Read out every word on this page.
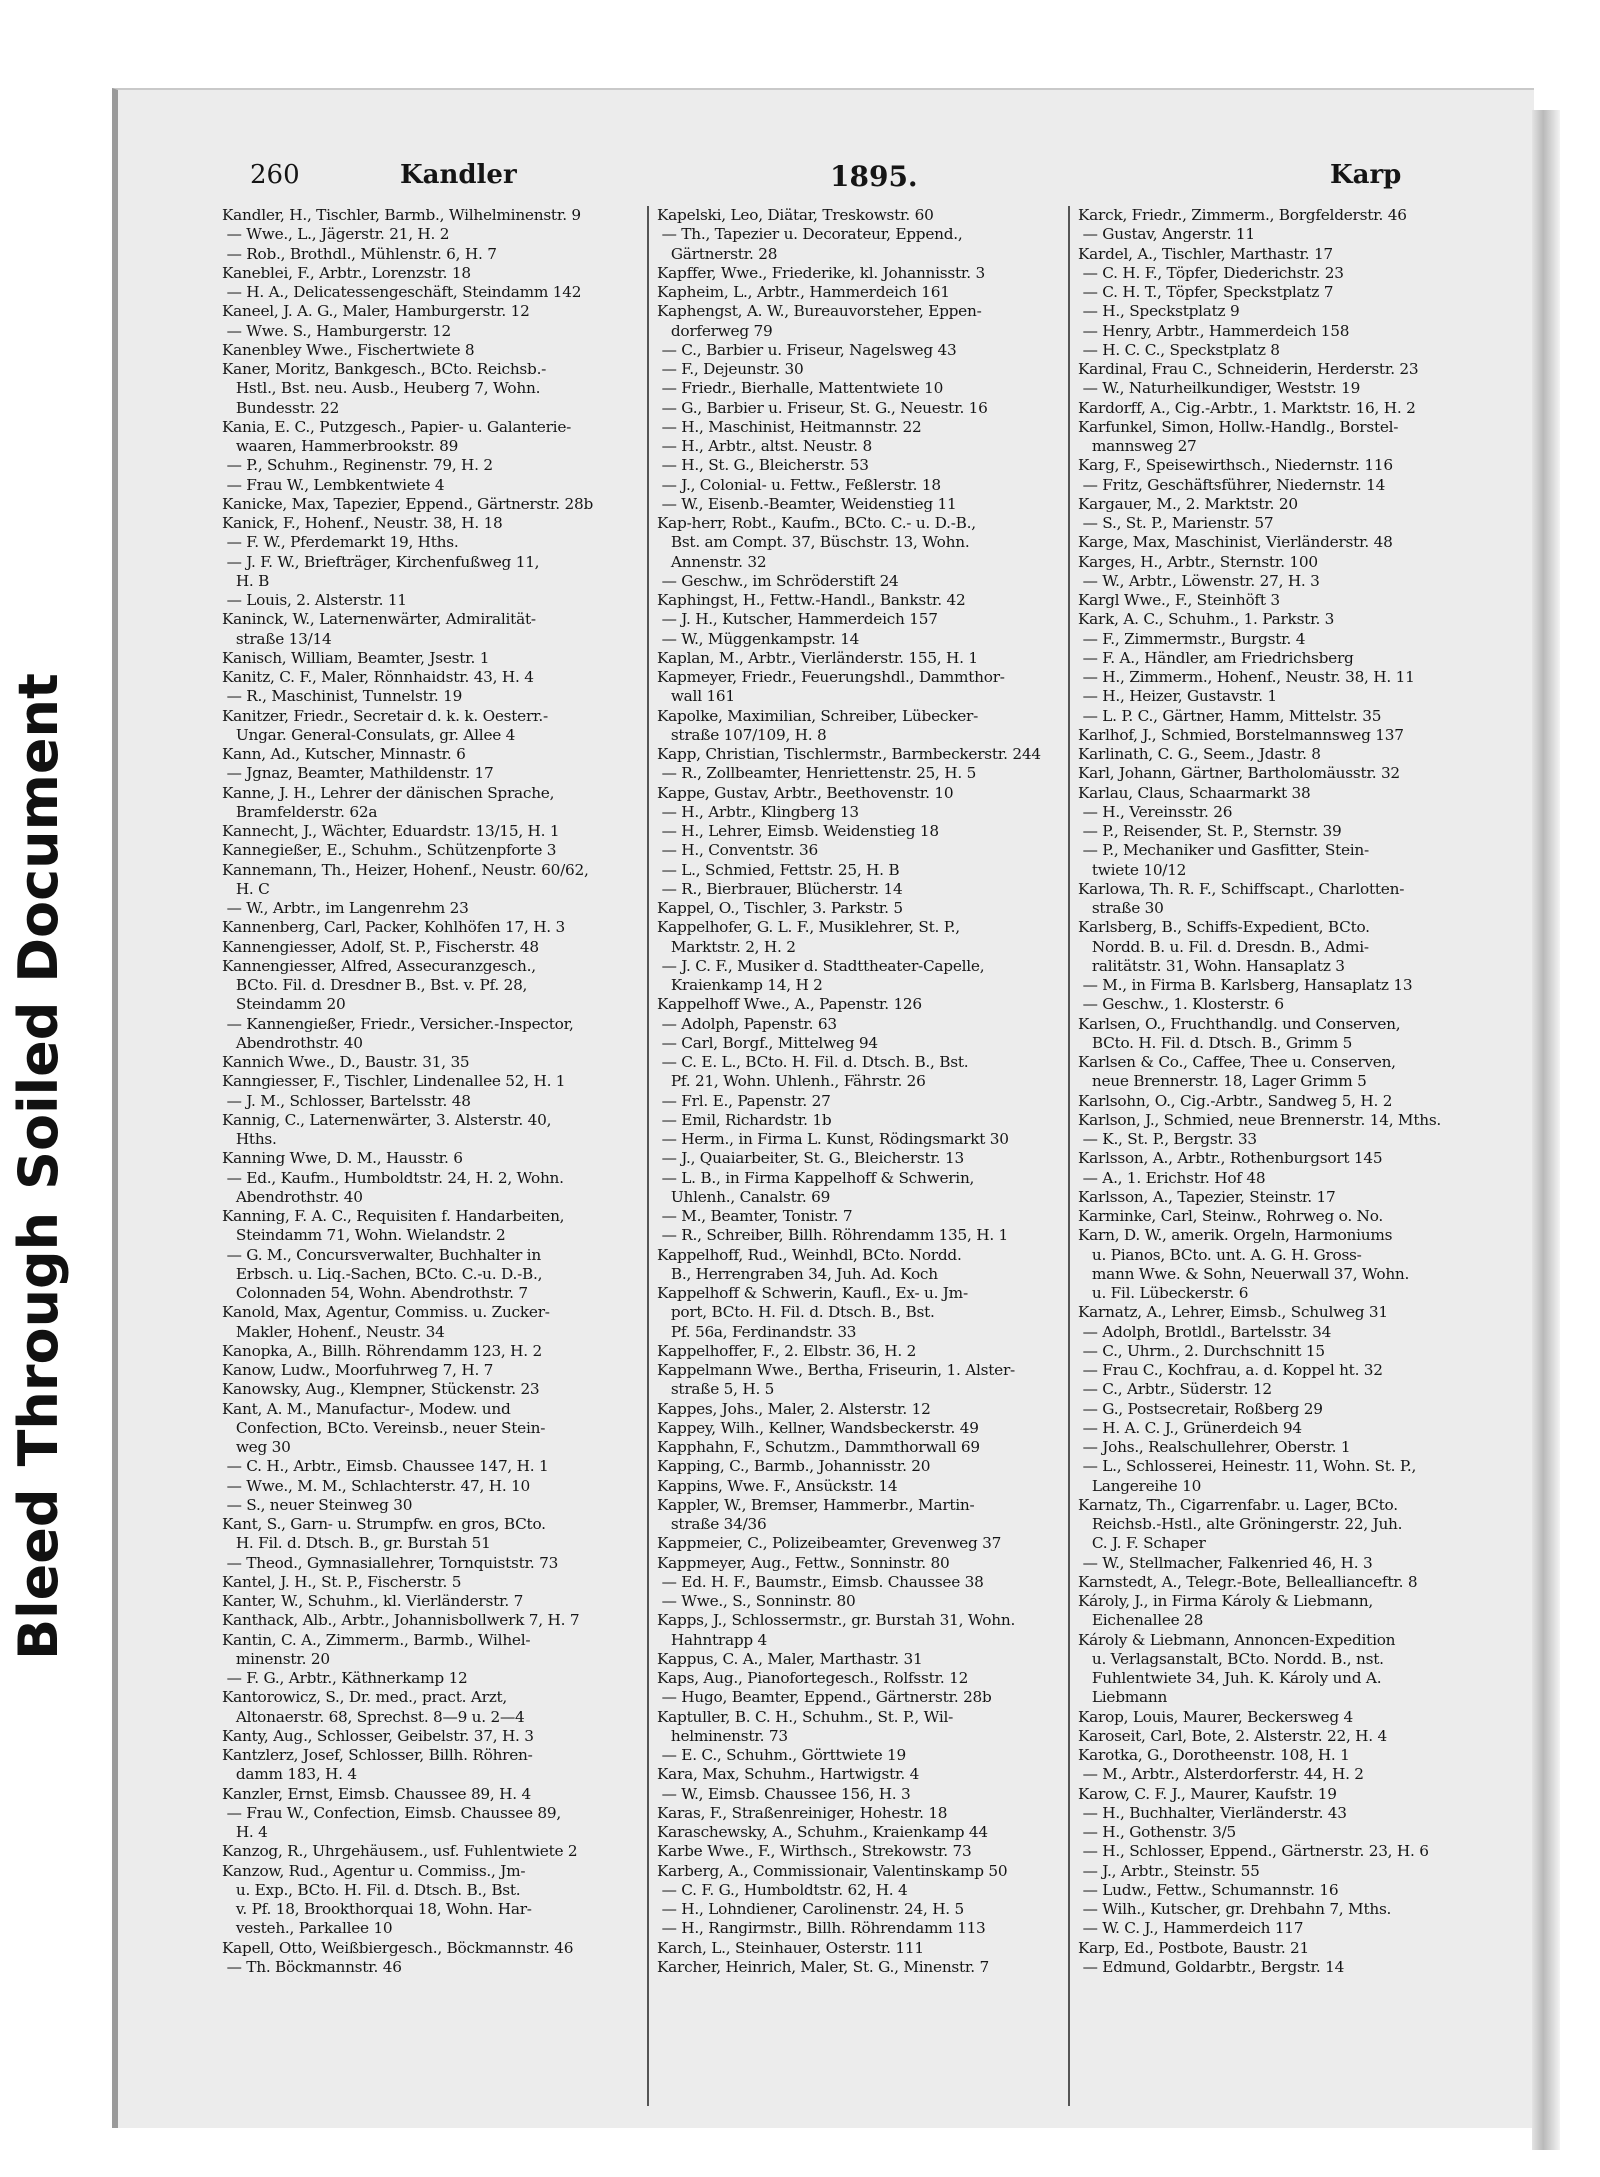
BleedThroughSoiled Document
260	Kandler	1895.	Karp
Kandler, H., Tischler, Barmb., Wilhelminenstr. 9
— Wwe., L., Jägerstr. 21, H. 2
— Rob., Brothdl., Mühlenstr. 6, H. 7
Kaneblei, F., Arbtr., Lorenzstr. 18
— H. A., Delicatessengeschäft, Steindamm 142
Kaneel, J. A. G., Maler, Hamburgerstr. 12
— Wwe. S., Hamburgerstr. 12
Kanenbley Wwe., Fischertwiete 8
Kaner, Moritz, Bankgesch., BCto. Reichsb.-
Hstl., Bst. neu. Ausb., Heuberg 7, Wohn.
Bundesstr. 22
Kania, E. C., Putzgesch., Papier- u. Galanterie-
waaren, Hammerbrookstr. 89
— P., Schuhm., Reginenstr. 79, H. 2
— Frau W., Lembkentwiete 4
Kanicke, Max, Tapezier, Eppend., Gärtnerstr. 28b
Kanick, F., Hohenf., Neustr. 38, H. 18
— F. W., Pferdemarkt 19, Hths.
— J. F. W., Briefträger, Kirchenfußweg 11,
H. B
— Louis, 2. Alsterstr. 11
Kaninck, W., Laternenwärter, Admiralität-
straße 13/14
Kanisch, William, Beamter, Jsestr. 1
Kanitz, C. F., Maler, Rönnhaidstr. 43, H. 4
— R., Maschinist, Tunnelstr. 19
Kanitzer, Friedr., Secretair d. k. k. Oesterr.-
Ungar. General-Consulats, gr. Allee 4
Kann, Ad., Kutscher, Minnastr. 6
— Jgnaz, Beamter, Mathildenstr. 17
Kanne, J. H., Lehrer der dänischen Sprache,
Bramfelderstr. 62a
Kannecht, J., Wächter, Eduardstr. 13/15, H. 1
Kannegießer, E., Schuhm., Schützenpforte 3
Kannemann, Th., Heizer, Hohenf., Neustr. 60/62,
H. C
— W., Arbtr., im Langenrehm 23
Kannenberg, Carl, Packer, Kohlhöfen 17, H. 3
Kannengiesser, Adolf, St. P., Fischerstr. 48
Kannengiesser, Alfred, Assecuranzgesch.,
BCto. Fil. d. Dresdner B., Bst. v. Pf. 28,
Steindamm 20
— Kannengießer, Friedr., Versicher.-Inspector,
Abendrothstr. 40
Kannich Wwe., D., Baustr. 31, 35
Kanngiesser, F., Tischler, Lindenallee 52, H. 1
— J. M., Schlosser, Bartelsstr. 48
Kannig, C., Laternenwärter, 3. Alsterstr. 40,
Hths.
Kanning Wwe, D. M., Hausstr. 6
— Ed., Kaufm., Humboldtstr. 24, H. 2, Wohn.
Abendrothstr. 40
Kanning, F. A. C., Requisiten f. Handarbeiten,
Steindamm 71, Wohn. Wielandstr. 2
— G. M., Concursverwalter, Buchhalter in
Erbsch. u. Liq.-Sachen, BCto. C.-u. D.-B.,
Colonnaden 54, Wohn. Abendrothstr. 7
Kanold, Max, Agentur, Commiss. u. Zucker-
Makler, Hohenf., Neustr. 34
Kanopka, A., Billh. Röhrendamm 123, H. 2
Kanow, Ludw., Moorfuhrweg 7, H. 7
Kanowsky, Aug., Klempner, Stückenstr. 23
Kant, A. M., Manufactur-, Modew. und
Confection, BCto. Vereinsb., neuer Stein-
weg 30
— C. H., Arbtr., Eimsb. Chaussee 147, H. 1
— Wwe., M. M., Schlachterstr. 47, H. 10
— S., neuer Steinweg 30
Kant, S., Garn- u. Strumpfw. en gros, BCto.
H. Fil. d. Dtsch. B., gr. Burstah 51
— Theod., Gymnasiallehrer, Tornquiststr. 73
Kantel, J. H., St. P., Fischerstr. 5
Kanter, W., Schuhm., kl. Vierländerstr. 7
Kanthack, Alb., Arbtr., Johannisbollwerk 7, H. 7
Kantin, C. A., Zimmerm., Barmb., Wilhel-
minenstr. 20
— F. G., Arbtr., Käthnerkamp 12
Kantorowicz, S., Dr. med., pract. Arzt,
Altonaerstr. 68, Sprechst. 8—9 u. 2—4
Kanty, Aug., Schlosser, Geibelstr. 37, H. 3
Kantzlerz, Josef, Schlosser, Billh. Röhren-
damm 183, H. 4
Kanzler, Ernst, Eimsb. Chaussee 89, H. 4
— Frau W., Confection, Eimsb. Chaussee 89,
H. 4
Kanzog, R., Uhrgehäusem., usf. Fuhlentwiete 2
Kanzow, Rud., Agentur u. Commiss., Jm-
u. Exp., BCto. H. Fil. d. Dtsch. B., Bst.
v. Pf. 18, Brookthorquai 18, Wohn. Har-
vesteh., Parkallee 10
Kapell, Otto, Weißbiergesch., Böckmannstr. 46
— Th. Böckmannstr. 46
Kapelski, Leo, Diätar, Treskowstr. 60
— Th., Tapezier u. Decorateur, Eppend.,
Gärtnerstr. 28
Kapffer, Wwe., Friederike, kl. Johannisstr. 3
Kapheim, L., Arbtr., Hammerdeich 161
Kaphengst, A. W., Bureauvorsteher, Eppen-
dorferweg 79
— C., Barbier u. Friseur, Nagelsweg 43
— F., Dejeunstr. 30
— Friedr., Bierhalle, Mattentwiete 10
— G., Barbier u. Friseur, St. G., Neuestr. 16
— H., Maschinist, Heitmannstr. 22
— H., Arbtr., altst. Neustr. 8
— H., St. G., Bleicherstr. 53
— J., Colonial- u. Fettw., Feßlerstr. 18
— W., Eisenb.-Beamter, Weidenstieg 11
Kap-herr, Robt., Kaufm., BCto. C.- u. D.-B.,
Bst. am Compt. 37, Büschstr. 13, Wohn.
Annenstr. 32
— Geschw., im Schröderstift 24
Kaphingst, H., Fettw.-Handl., Bankstr. 42
— J. H., Kutscher, Hammerdeich 157
— W., Müggenkampstr. 14
Kaplan, M., Arbtr., Vierländerstr. 155, H. 1
Kapmeyer, Friedr., Feuerungshdl., Dammthor-
wall 161
Kapolke, Maximilian, Schreiber, Lübecker-
straße 107/109, H. 8
Kapp, Christian, Tischlermstr., Barmbeckerstr. 244
— R., Zollbeamter, Henriettenstr. 25, H. 5
Kappe, Gustav, Arbtr., Beethovenstr. 10
— H., Arbtr., Klingberg 13
— H., Lehrer, Eimsb. Weidenstieg 18
— H., Conventstr. 36
— L., Schmied, Fettstr. 25, H. B
— R., Bierbrauer, Blücherstr. 14
Kappel, O., Tischler, 3. Parkstr. 5
Kappelhofer, G. L. F., Musiklehrer, St. P.,
Marktstr. 2, H. 2
— J. C. F., Musiker d. Stadttheater-Capelle,
Kraienkamp 14, H 2
Kappelhoff Wwe., A., Papenstr. 126
— Adolph, Papenstr. 63
— Carl, Borgf., Mittelweg 94
— C. E. L., BCto. H. Fil. d. Dtsch. B., Bst.
Pf. 21, Wohn. Uhlenh., Fährstr. 26
— Frl. E., Papenstr. 27
— Emil, Richardstr. 1b
— Herm., in Firma L. Kunst, Rödingsmarkt 30
— J., Quaiarbeiter, St. G., Bleicherstr. 13
— L. B., in Firma Kappelhoff & Schwerin,
Uhlenh., Canalstr. 69
— M., Beamter, Tonistr. 7
— R., Schreiber, Billh. Röhrendamm 135, H. 1
Kappelhoff, Rud., Weinhdl, BCto. Nordd.
B., Herrengraben 34, Juh. Ad. Koch
Kappelhoff & Schwerin, Kaufl., Ex- u. Jm-
port, BCto. H. Fil. d. Dtsch. B., Bst.
Pf. 56a, Ferdinandstr. 33
Kappelhoffer, F., 2. Elbstr. 36, H. 2
Kappelmann Wwe., Bertha, Friseurin, 1. Alster-
straße 5, H. 5
Kappes, Johs., Maler, 2. Alsterstr. 12
Kappey, Wilh., Kellner, Wandsbeckerstr. 49
Kapphahn, F., Schutzm., Dammthorwall 69
Kapping, C., Barmb., Johannisstr. 20
Kappins, Wwe. F., Ansückstr. 14
Kappler, W., Bremser, Hammerbr., Martin-
straße 34/36
Kappmeier, C., Polizeibeamter, Grevenweg 37
Kappmeyer, Aug., Fettw., Sonninstr. 80
— Ed. H. F., Baumstr., Eimsb. Chaussee 38
— Wwe., S., Sonninstr. 80
Kapps, J., Schlossermstr., gr. Burstah 31, Wohn.
Hahntrapp 4
Kappus, C. A., Maler, Marthastr. 31
Kaps, Aug., Pianofortegesch., Rolfsstr. 12
— Hugo, Beamter, Eppend., Gärtnerstr. 28b
Kaptuller, B. C. H., Schuhm., St. P., Wil-
helminenstr. 73
— E. C., Schuhm., Görttwiete 19
Kara, Max, Schuhm., Hartwigstr. 4
— W., Eimsb. Chaussee 156, H. 3
Karas, F., Straßenreiniger, Hohestr. 18
Karaschewsky, A., Schuhm., Kraienkamp 44
Karbe Wwe., F., Wirthsch., Strekowstr. 73
Karberg, A., Commissionair, Valentinskamp 50
— C. F. G., Humboldtstr. 62, H. 4
— H., Lohndiener, Carolinenstr. 24, H. 5
— H., Rangirmstr., Billh. Röhrendamm 113
Karch, L., Steinhauer, Osterstr. 111
Karcher, Heinrich, Maler, St. G., Minenstr. 7
Karck, Friedr., Zimmerm., Borgfelderstr. 46
— Gustav, Angerstr. 11
Kardel, A., Tischler, Marthastr. 17
— C. H. F., Töpfer, Diederichstr. 23
— C. H. T., Töpfer, Speckstplatz 7
— H., Speckstplatz 9
— Henry, Arbtr., Hammerdeich 158
— H. C. C., Speckstplatz 8
Kardinal, Frau C., Schneiderin, Herderstr. 23
— W., Naturheilkundiger, Weststr. 19
Kardorff, A., Cig.-Arbtr., 1. Marktstr. 16, H. 2
Karfunkel, Simon, Hollw.-Handlg., Borstel-
mannsweg 27
Karg, F., Speisewirthsch., Niedernstr. 116
— Fritz, Geschäftsführer, Niedernstr. 14
Kargauer, M., 2. Marktstr. 20
— S., St. P., Marienstr. 57
Karge, Max, Maschinist, Vierländerstr. 48
Karges, H., Arbtr., Sternstr. 100
— W., Arbtr., Löwenstr. 27, H. 3
Kargl Wwe., F., Steinhöft 3
Kark, A. C., Schuhm., 1. Parkstr. 3
— F., Zimmermstr., Burgstr. 4
— F. A., Händler, am Friedrichsberg
— H., Zimmerm., Hohenf., Neustr. 38, H. 11
— H., Heizer, Gustavstr. 1
— L. P. C., Gärtner, Hamm, Mittelstr. 35
Karlhof, J., Schmied, Borstelmannsweg 137
Karlinath, C. G., Seem., Jdastr. 8
Karl, Johann, Gärtner, Bartholomäusstr. 32
Karlau, Claus, Schaarmarkt 38
— H., Vereinsstr. 26
— P., Reisender, St. P., Sternstr. 39
— P., Mechaniker und Gasfitter, Stein-
twiete 10/12
Karlowa, Th. R. F., Schiffscapt., Charlotten-
straße 30
Karlsberg, B., Schiffs-Expedient, BCto.
Nordd. B. u. Fil. d. Dresdn. B., Admi-
ralitätstr. 31, Wohn. Hansaplatz 3
— M., in Firma B. Karlsberg, Hansaplatz 13
— Geschw., 1. Klosterstr. 6
Karlsen, O., Fruchthandlg. und Conserven,
BCto. H. Fil. d. Dtsch. B., Grimm 5
Karlsen & Co., Caffee, Thee u. Conserven,
neue Brennerstr. 18, Lager Grimm 5
Karlsohn, O., Cig.-Arbtr., Sandweg 5, H. 2
Karlson, J., Schmied, neue Brennerstr. 14, Mths.
— K., St. P., Bergstr. 33
Karlsson, A., Arbtr., Rothenburgsort 145
— A., 1. Erichstr. Hof 48
Karlsson, A., Tapezier, Steinstr. 17
Karminke, Carl, Steinw., Rohrweg o. No.
Karn, D. W., amerik. Orgeln, Harmoniums
u. Pianos, BCto. unt. A. G. H. Gross-
mann Wwe. & Sohn, Neuerwall 37, Wohn.
u. Fil. Lübeckerstr. 6
Karnatz, A., Lehrer, Eimsb., Schulweg 31
— Adolph, Brotldl., Bartelsstr. 34
— C., Uhrm., 2. Durchschnitt 15
— Frau C., Kochfrau, a. d. Koppel ht. 32
— C., Arbtr., Süderstr. 12
— G., Postsecretair, Roßberg 29
— H. A. C. J., Grünerdeich 94
— Johs., Realschullehrer, Oberstr. 1
— L., Schlosserei, Heinestr. 11, Wohn. St. P.,
Langereihe 10
Karnatz, Th., Cigarrenfabr. u. Lager, BCto.
Reichsb.-Hstl., alte Gröningerstr. 22, Juh.
C. J. F. Schaper
— W., Stellmacher, Falkenried 46, H. 3
Karnstedt, A., Telegr.-Bote, Belleallianceftr. 8
Károly, J., in Firma Károly & Liebmann,
Eichenallee 28
Károly & Liebmann, Annoncen-Expedition
u. Verlagsanstalt, BCto. Nordd. B., nst.
Fuhlentwiete 34, Juh. K. Károly und A.
Liebmann
Karop, Louis, Maurer, Beckersweg 4
Karoseit, Carl, Bote, 2. Alsterstr. 22, H. 4
Karotka, G., Dorotheenstr. 108, H. 1
— M., Arbtr., Alsterdorferstr. 44, H. 2
Karow, C. F. J., Maurer, Kaufstr. 19
— H., Buchhalter, Vierländerstr. 43
— H., Gothenstr. 3/5
— H., Schlosser, Eppend., Gärtnerstr. 23, H. 6
— J., Arbtr., Steinstr. 55
— Ludw., Fettw., Schumannstr. 16
— Wilh., Kutscher, gr. Drehbahn 7, Mths.
— W. C. J., Hammerdeich 117
Karp, Ed., Postbote, Baustr. 21
— Edmund, Goldarbtr., Bergstr. 14
